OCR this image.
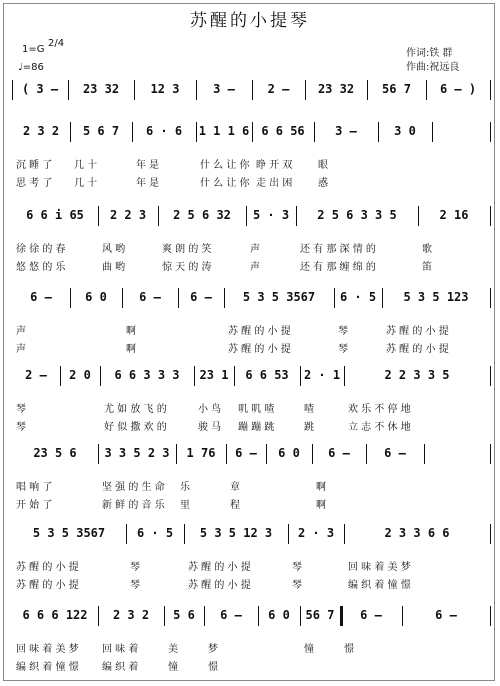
苏醒的小提琴
1=G
2/4
♩=86
作词:铁 群
作曲:祝远良
( 3 –	23 32	12 3	3 –	2 –	23 32	56 7	6 – )
2 3 2	5 6 7	6 · 6	1 1 1 6	6 6 56	3 –	3 0
沉 睡 了	几 十	年 是	什 么 让 你 睁 开 双	眼
思 考 了	几 十	年 是	什 么 让 你 走 出 困	惑
6 6 i 65	2 2 3	2 5 6 32	5 · 3	2 5 6 3 3 5	2 16
徐 徐 的 春	风 哟	爽 朗 的 笑	声	还 有 那 深 情 的	歌
悠 悠 的 乐	曲 哟	惊 天 的 涛	声	还 有 那 缠 绵 的	笛
6 –	6 0	6 –	6 –	5 3 5 3567	6 · 5	5 3 5 123
声	啊	苏 醒 的 小 提	琴	苏 醒 的 小 提
声	啊	苏 醒 的 小 提	琴	苏 醒 的 小 提
2 –	2 0	6 6 3 3 3	23 1	6 6 53	2 · 1	2 2 3 3 5
琴	尤 如 放 飞 的	小 鸟	叽 叽 喳	喳	欢 乐 不 停 地
琴	好 似 撒 欢 的	骏 马	蹦 蹦 跳	跳	立 志 不 休 地
23 5 6	3 3 5 2 3	1 76	6 –	6 0	6 –	6 –
唱 响 了	坚 强 的 生 命	乐	章	啊
开 始 了	新 鲜 的 音 乐	里	程	啊
5 3 5 3567	6 · 5	5 3 5 12 3	2 · 3	2 3 3 6 6
苏 醒 的 小 提	琴	苏 醒 的 小 提	琴	回 味 着 美 梦
苏 醒 的 小 提	琴	苏 醒 的 小 提	琴	编 织 着 憧 憬
6 6 6 122	2 3 2	5 6	6 –	6 0	56 7	6 –	6 –
回 味 着 美 梦	回 味 着	美	梦	憧	憬
编 织 着 憧 憬	编 织 着	憧	憬
